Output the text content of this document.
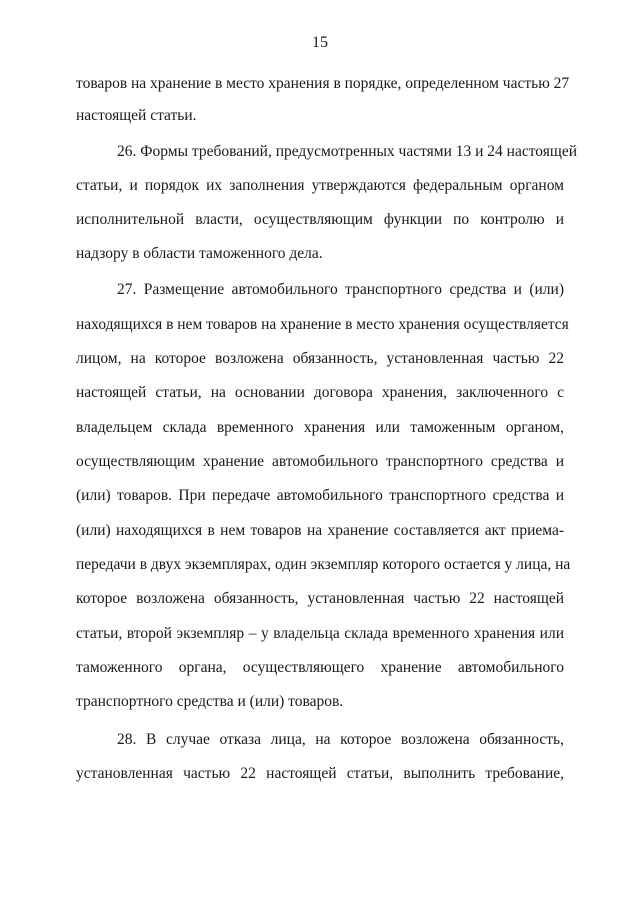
15
товаров на хранение в место хранения в порядке, определенном частью 27
настоящей статьи.
26. Формы требований, предусмотренных частями 13 и 24 настоящей
статьи, и порядок их заполнения утверждаются федеральным органом
исполнительной власти, осуществляющим функции по контролю и
надзору в области таможенного дела.
27. Размещение автомобильного транспортного средства и (или)
находящихся в нем товаров на хранение в место хранения осуществляется
лицом, на которое возложена обязанность, установленная частью 22
настоящей статьи, на основании договора хранения, заключенного с
владельцем склада временного хранения или таможенным органом,
осуществляющим хранение автомобильного транспортного средства и
(или) товаров. При передаче автомобильного транспортного средства и
(или) находящихся в нем товаров на хранение составляется акт приема-
передачи в двух экземплярах, один экземпляр которого остается у лица, на
которое возложена обязанность, установленная частью 22 настоящей
статьи, второй экземпляр – у владельца склада временного хранения или
таможенного органа, осуществляющего хранение автомобильного
транспортного средства и (или) товаров.
28. В случае отказа лица, на которое возложена обязанность,
установленная частью 22 настоящей статьи, выполнить требование,
